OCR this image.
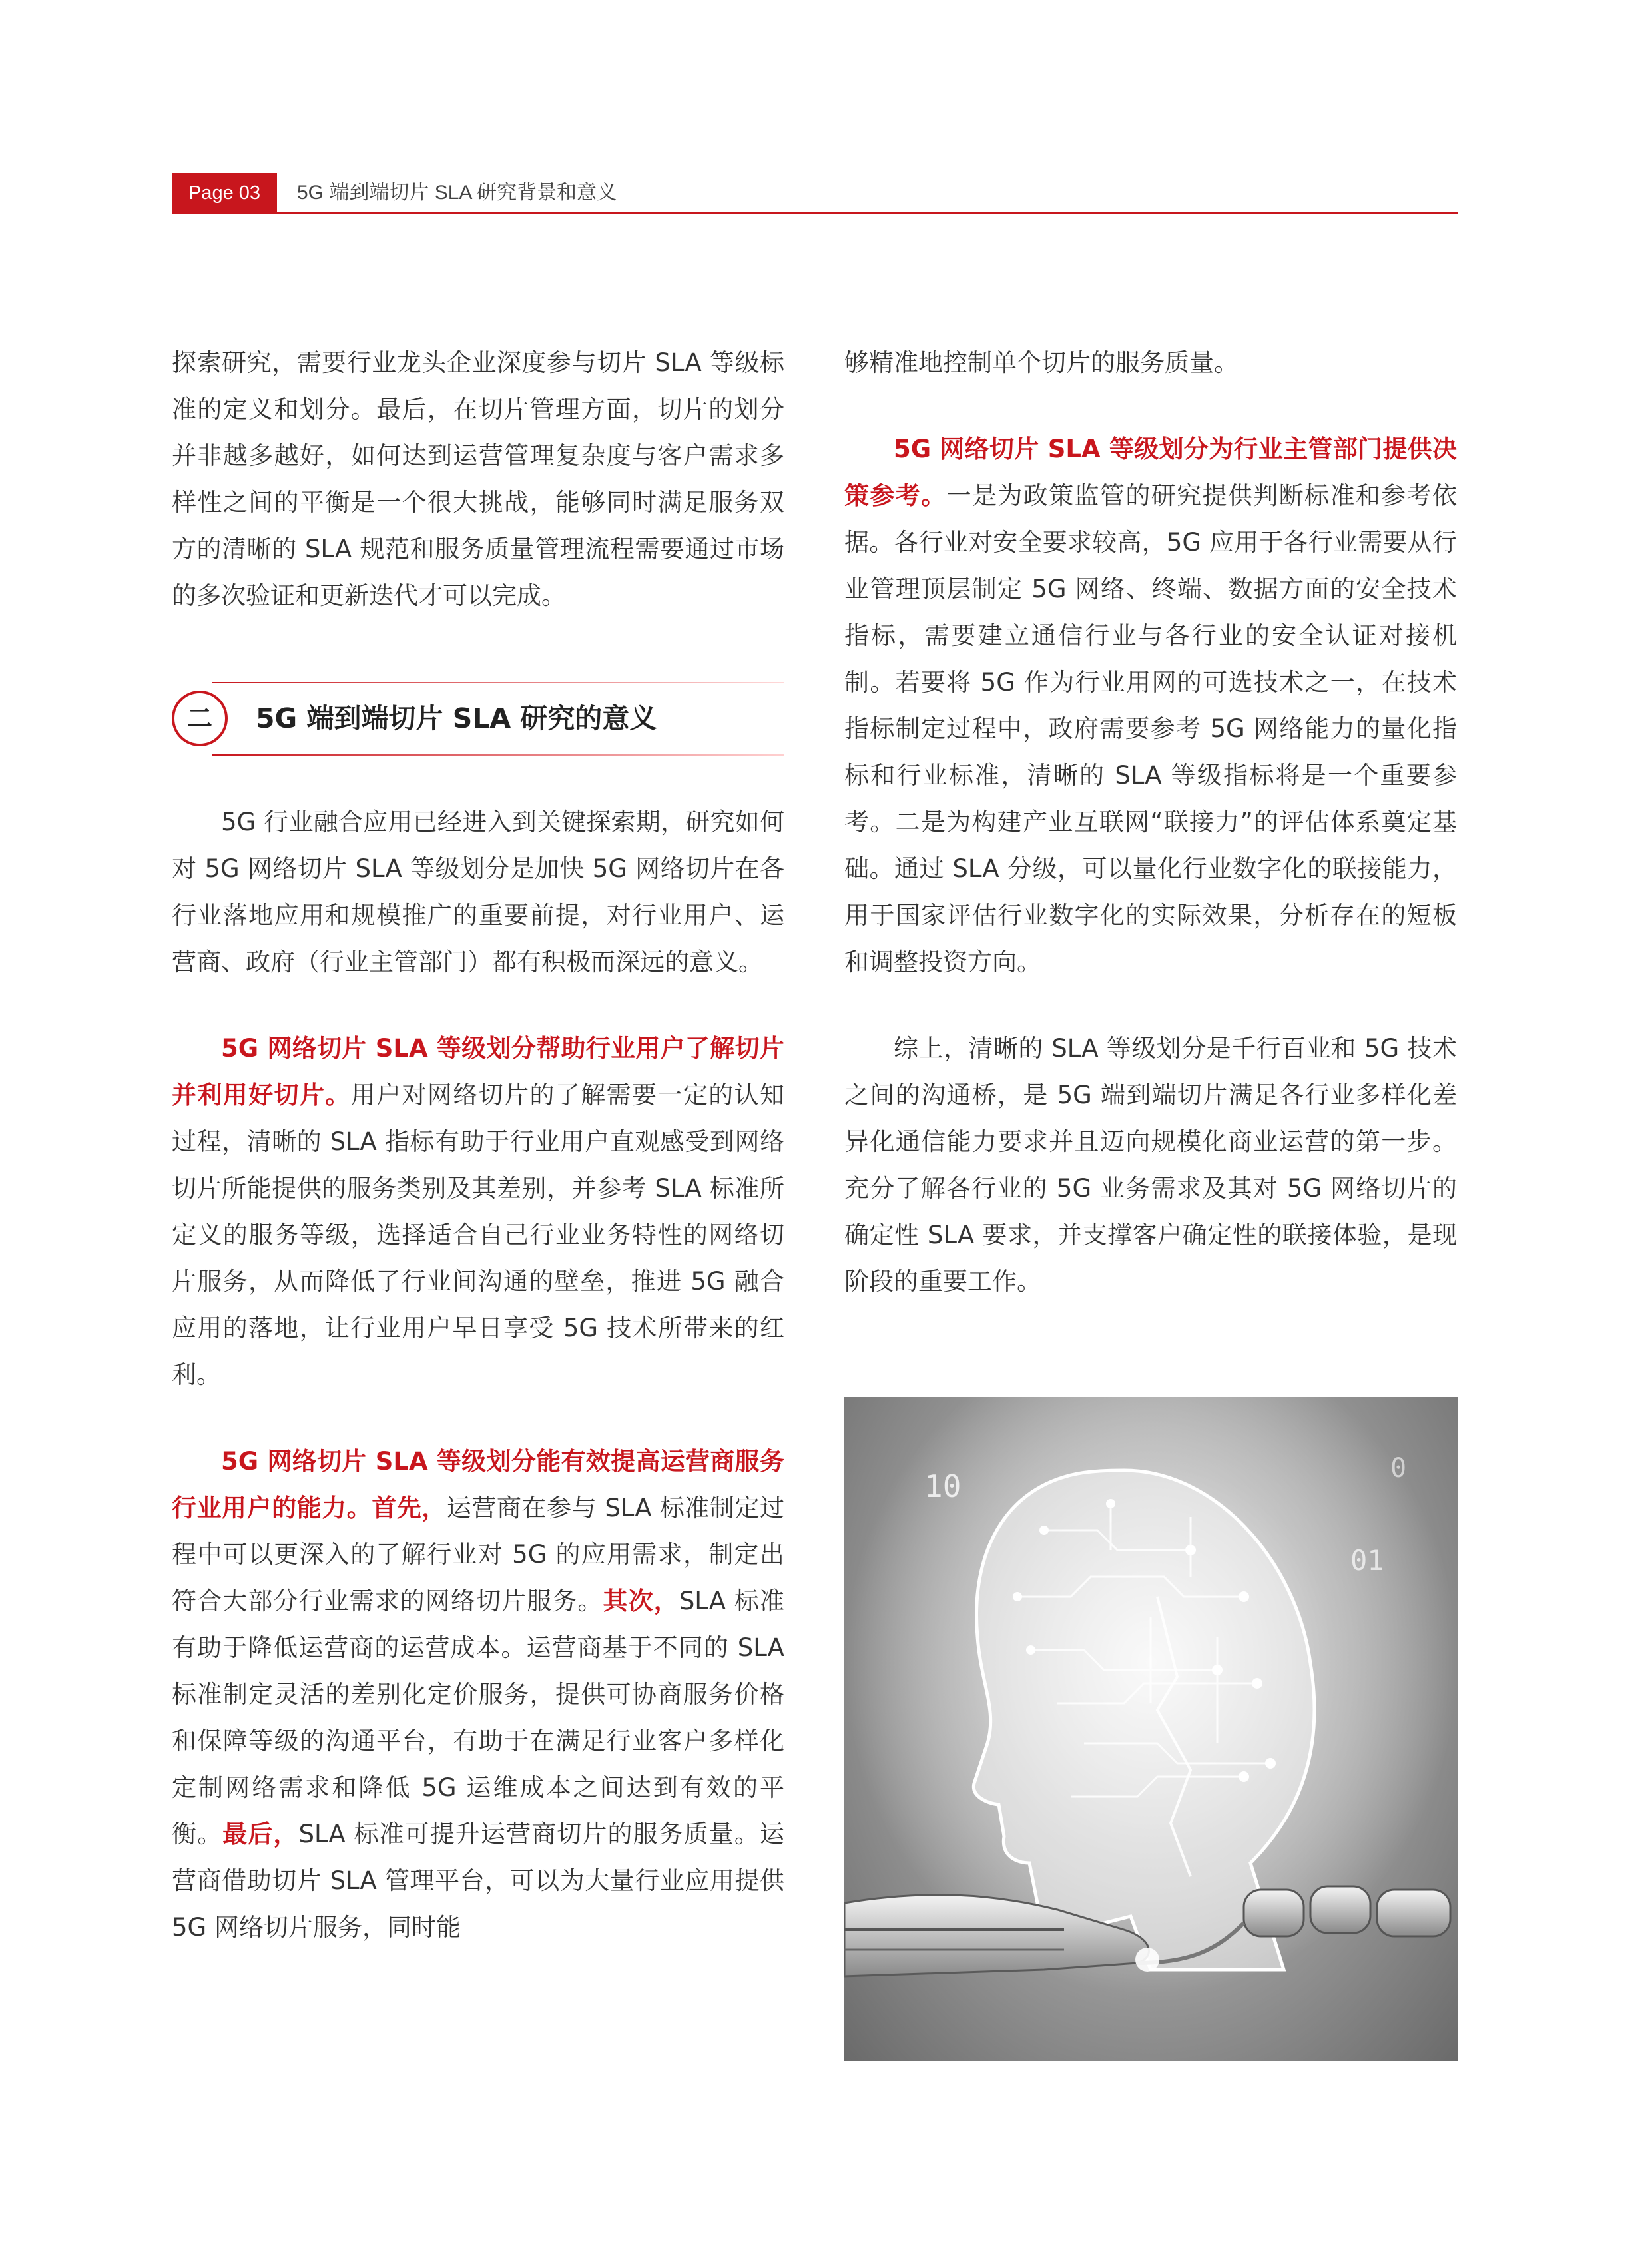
Page 03	5G 端到端切片 SLA 研究背景和意义

探索研究，需要行业龙头企业深度参与切片 SLA 等级标准的定义和划分。最后，在切片管理方面，切片的划分并非越多越好，如何达到运营管理复杂度与客户需求多样性之间的平衡是一个很大挑战，能够同时满足服务双方的清晰的 SLA 规范和服务质量管理流程需要通过市场的多次验证和更新迭代才可以完成。

二	5G 端到端切片 SLA 研究的意义

5G 行业融合应用已经进入到关键探索期，研究如何对 5G 网络切片 SLA 等级划分是加快 5G 网络切片在各行业落地应用和规模推广的重要前提，对行业用户、运营商、政府（行业主管部门）都有积极而深远的意义。

5G 网络切片 SLA 等级划分帮助行业用户了解切片并利用好切片。用户对网络切片的了解需要一定的认知过程，清晰的 SLA 指标有助于行业用户直观感受到网络切片所能提供的服务类别及其差别，并参考 SLA 标准所定义的服务等级，选择适合自己行业业务特性的网络切片服务，从而降低了行业间沟通的壁垒，推进 5G 融合应用的落地，让行业用户早日享受 5G 技术所带来的红利。

5G 网络切片 SLA 等级划分能有效提高运营商服务行业用户的能力。首先，运营商在参与 SLA 标准制定过程中可以更深入的了解行业对 5G 的应用需求，制定出符合大部分行业需求的网络切片服务。其次，SLA 标准有助于降低运营商的运营成本。运营商基于不同的 SLA 标准制定灵活的差别化定价服务，提供可协商服务价格和保障等级的沟通平台，有助于在满足行业客户多样化定制网络需求和降低 5G 运维成本之间达到有效的平衡。最后，SLA 标准可提升运营商切片的服务质量。运营商借助切片 SLA 管理平台，可以为大量行业应用提供 5G 网络切片服务，同时能

够精准地控制单个切片的服务质量。

5G 网络切片 SLA 等级划分为行业主管部门提供决策参考。一是为政策监管的研究提供判断标准和参考依据。各行业对安全要求较高，5G 应用于各行业需要从行业管理顶层制定 5G 网络、终端、数据方面的安全技术指标，需要建立通信行业与各行业的安全认证对接机制。若要将 5G 作为行业用网的可选技术之一，在技术指标制定过程中，政府需要参考 5G 网络能力的量化指标和行业标准，清晰的 SLA 等级指标将是一个重要参考。二是为构建产业互联网“联接力”的评估体系奠定基础。通过 SLA 分级，可以量化行业数字化的联接能力，用于国家评估行业数字化的实际效果，分析存在的短板和调整投资方向。

综上，清晰的 SLA 等级划分是千行百业和 5G 技术之间的沟通桥，是 5G 端到端切片满足各行业多样化差异化通信能力要求并且迈向规模化商业运营的第一步。充分了解各行业的 5G 业务需求及其对 5G 网络切片的确定性 SLA 要求，并支撑客户确定性的联接体验，是现阶段的重要工作。

10
01
0
